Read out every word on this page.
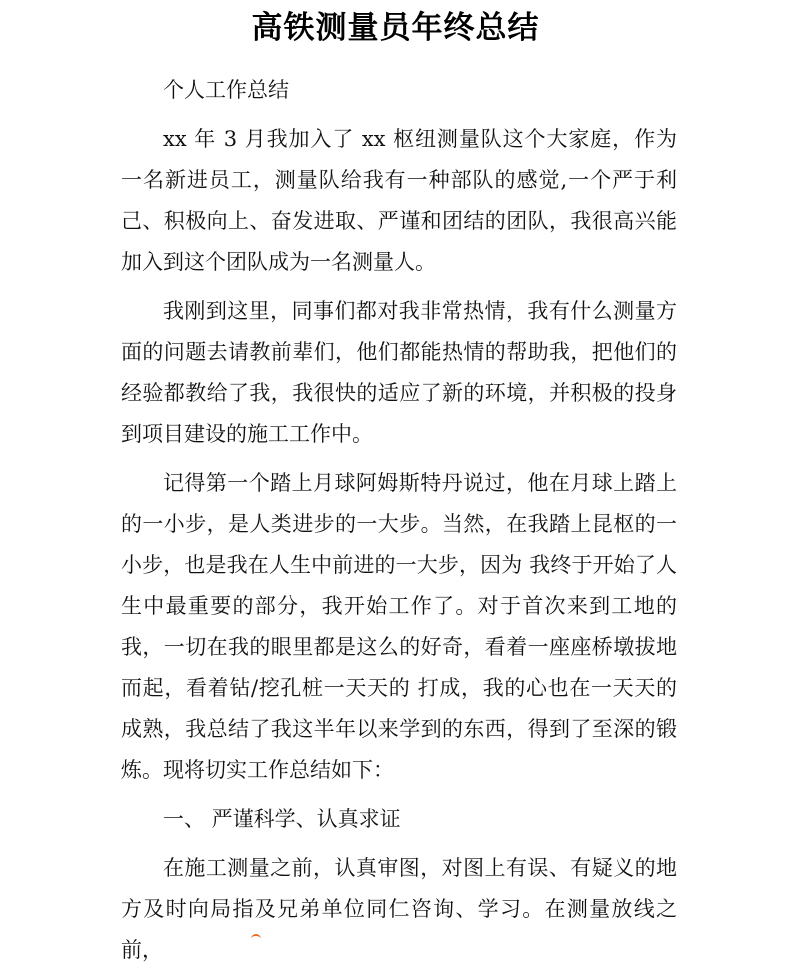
高铁测量员年终总结

个人工作总结

xx 年 3 月我加入了 xx 枢纽测量队这个大家庭，作为一名新进员工，测量队给我有一种部队的感觉,一个严于利己、积极向上、奋发进取、严谨和团结的团队，我很高兴能加入到这个团队成为一名测量人。

我刚到这里，同事们都对我非常热情，我有什么测量方面的问题去请教前辈们，他们都能热情的帮助我，把他们的经验都教给了我，我很快的适应了新的环境，并积极的投身到项目建设的施工工作中。

记得第一个踏上月球阿姆斯特丹说过，他在月球上踏上的一小步，是人类进步的一大步。当然，在我踏上昆枢的一小步，也是我在人生中前进的一大步，因为 我终于开始了人生中最重要的部分，我开始工作了。对于首次来到工地的我，一切在我的眼里都是这么的好奇，看着一座座桥墩拔地而起，看着钻/挖孔桩一天天的 打成，我的心也在一天天的成熟，我总结了我这半年以来学到的东西，得到了至深的锻炼。现将切实工作总结如下：

一、 严谨科学、认真求证

在施工测量之前，认真审图，对图上有误、有疑义的地方及时向局指及兄弟单位同仁咨询、学习。在测量放线之前，
